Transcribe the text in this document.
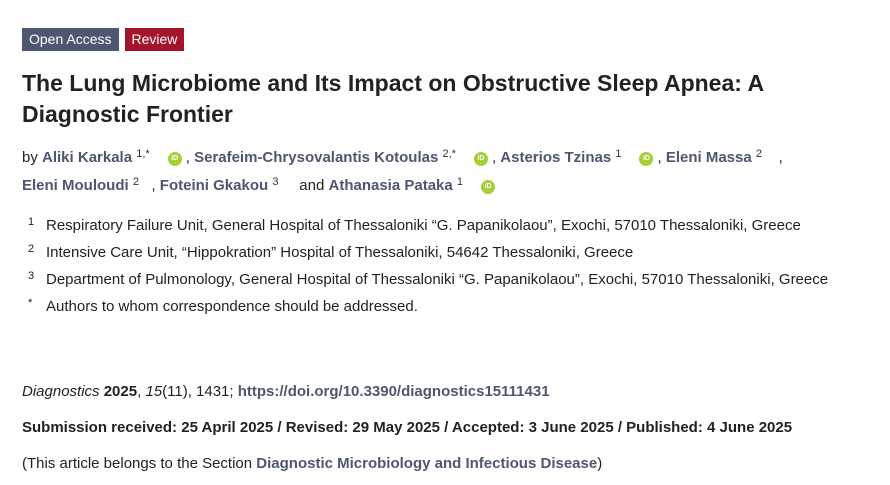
Open Access	Review
The Lung Microbiome and Its Impact on Obstructive Sleep Apnea: A Diagnostic Frontier
by Aliki Karkala $^{1,*}$	iD , Serafeim-Chrysovalantis Kotoulas $^{2,*}$	iD , Asterios Tzinas $^1$	iD , Eleni Massa $^2$    ,
Eleni Mouloudi $^2$   , Foteini Gkakou $^3$ and Athanasia Pataka $^1$	iD
1 Respiratory Failure Unit, General Hospital of Thessaloniki “G. Papanikolaou”, Exochi, 57010 Thessaloniki, Greece
2 Intensive Care Unit, “Hippokration” Hospital of Thessaloniki, 54642 Thessaloniki, Greece
3 Department of Pulmonology, General Hospital of Thessaloniki “G. Papanikolaou”, Exochi, 57010 Thessaloniki, Greece
* Authors to whom correspondence should be addressed.
Diagnostics 2025, 15(11), 1431; https://doi.org/10.3390/diagnostics15111431
Submission received: 25 April 2025 / Revised: 29 May 2025 / Accepted: 3 June 2025 / Published: 4 June 2025
(This article belongs to the Section Diagnostic Microbiology and Infectious Disease)
